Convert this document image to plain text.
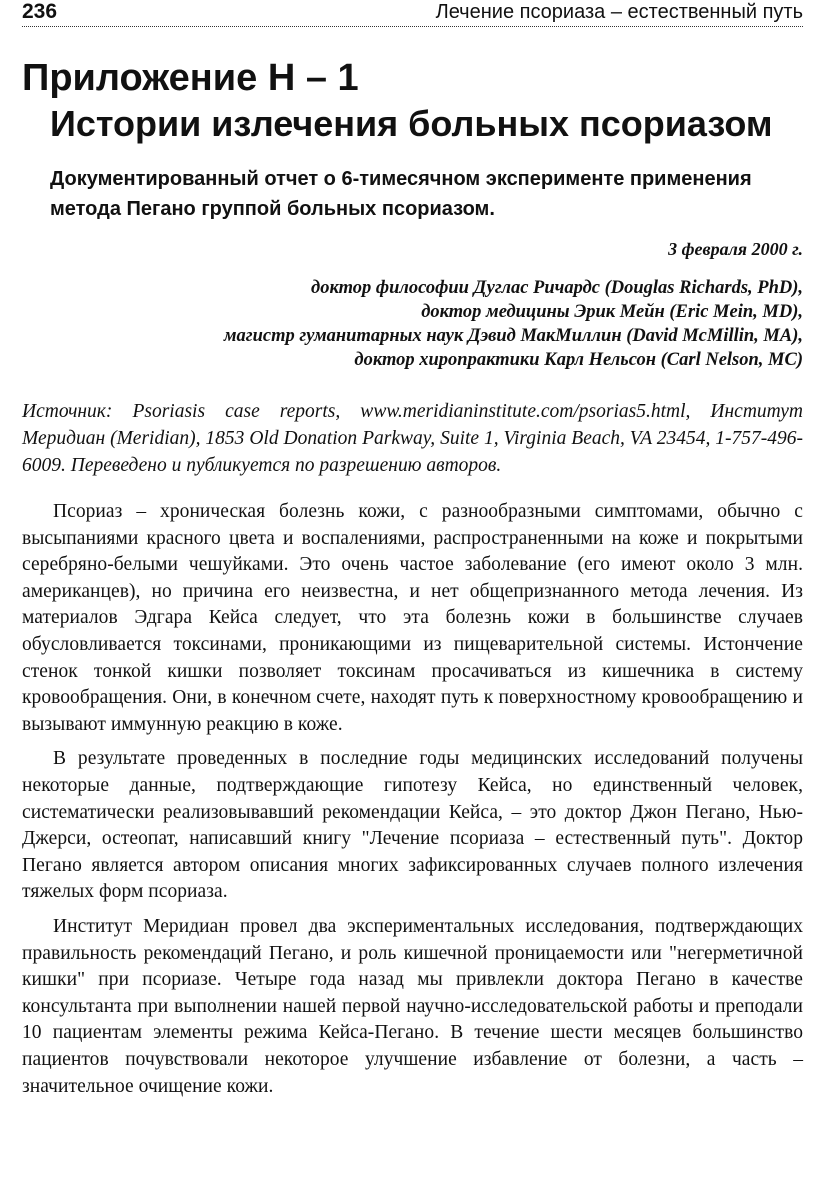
236	Лечение псориаза – естественный путь
Приложение Н – 1
Истории излечения больных псориазом
Документированный отчет о 6-тимесячном эксперименте применения метода Пегано группой больных псориазом.
3 февраля 2000 г.
доктор философии Дуглас Ричардс (Douglas Richards, PhD),
доктор медицины Эрик Мейн (Eric Mein, MD),
магистр гуманитарных наук Дэвид МакМиллин (David McMillin, MA),
доктор хиропрактики Карл Нельсон (Carl Nelson, MC)
Источник: Psoriasis case reports, www.meridianinstitute.com/psorias5.html, Институт Меридиан (Meridian), 1853 Old Donation Parkway, Suite 1, Virginia Beach, VA 23454, 1-757-496-6009. Переведено и публикуется по разрешению авторов.

Псориаз – хроническая болезнь кожи, с разнообразными симптомами, обычно с высыпаниями красного цвета и воспалениями, распространенными на коже и покрытыми серебряно-белыми чешуйками. Это очень частое заболевание (его имеют около 3 млн. американцев), но причина его неизвестна, и нет общепризнанного метода лечения. Из материалов Эдгара Кейса следует, что эта болезнь кожи в большинстве случаев обусловливается токсинами, проникающими из пищеварительной системы. Истончение стенок тонкой кишки позволяет токсинам просачиваться из кишечника в систему кровообращения. Они, в конечном счете, находят путь к поверхностному кровообращению и вызывают иммунную реакцию в коже.

В результате проведенных в последние годы медицинских исследований получены некоторые данные, подтверждающие гипотезу Кейса, но единственный человек, систематически реализовывавший рекомендации Кейса, – это доктор Джон Пегано, Нью-Джерси, остеопат, написавший книгу "Лечение псориаза – естественный путь". Доктор Пегано является автором описания многих зафиксированных случаев полного излечения тяжелых форм псориаза.

Институт Меридиан провел два экспериментальных исследования, подтверждающих правильность рекомендаций Пегано, и роль кишечной проницаемости или "негерметичной кишки" при псориазе. Четыре года назад мы привлекли доктора Пегано в качестве консультанта при выполнении нашей первой научно-исследовательской работы и преподали 10 пациентам элементы режима Кейса-Пегано. В течение шести месяцев большинство пациентов почувствовали некоторое улучшение избавление от болезни, а часть – значительное очищение кожи.
